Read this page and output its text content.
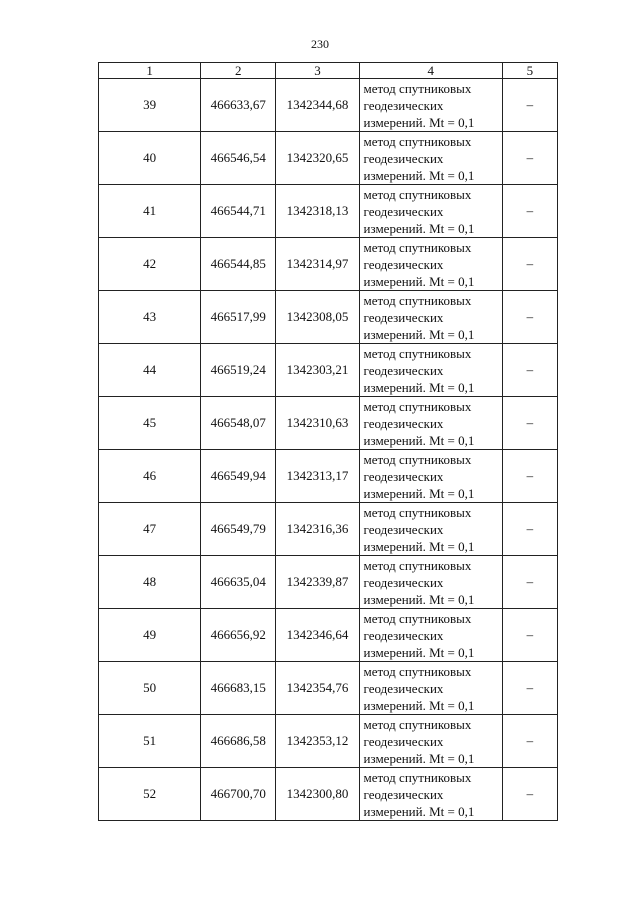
230
1	2	3	4	5
39	466633,67	1342344,68	метод спутниковых
геодезических
измерений. Mt = 0,1	–
40	466546,54	1342320,65	метод спутниковых
геодезических
измерений. Mt = 0,1	–
41	466544,71	1342318,13	метод спутниковых
геодезических
измерений. Mt = 0,1	–
42	466544,85	1342314,97	метод спутниковых
геодезических
измерений. Mt = 0,1	–
43	466517,99	1342308,05	метод спутниковых
геодезических
измерений. Mt = 0,1	–
44	466519,24	1342303,21	метод спутниковых
геодезических
измерений. Mt = 0,1	–
45	466548,07	1342310,63	метод спутниковых
геодезических
измерений. Mt = 0,1	–
46	466549,94	1342313,17	метод спутниковых
геодезических
измерений. Mt = 0,1	–
47	466549,79	1342316,36	метод спутниковых
геодезических
измерений. Mt = 0,1	–
48	466635,04	1342339,87	метод спутниковых
геодезических
измерений. Mt = 0,1	–
49	466656,92	1342346,64	метод спутниковых
геодезических
измерений. Mt = 0,1	–
50	466683,15	1342354,76	метод спутниковых
геодезических
измерений. Mt = 0,1	–
51	466686,58	1342353,12	метод спутниковых
геодезических
измерений. Mt = 0,1	–
52	466700,70	1342300,80	метод спутниковых
геодезических
измерений. Mt = 0,1	–
